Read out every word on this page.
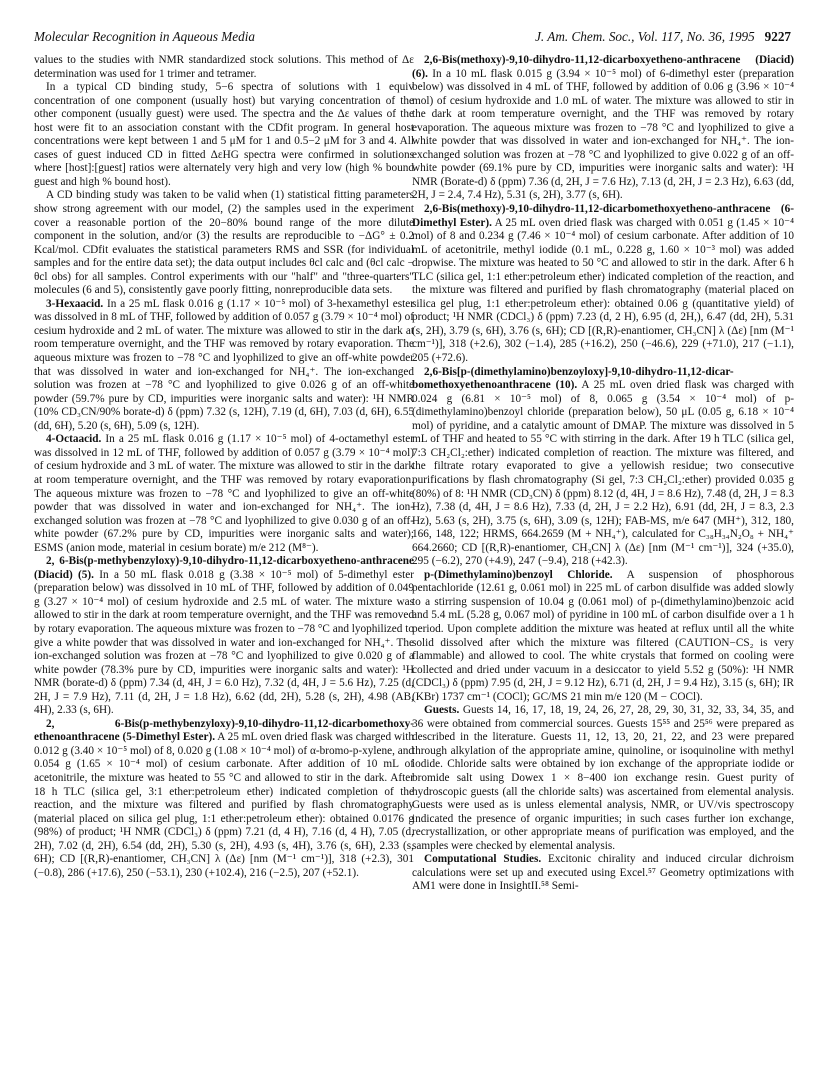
Molecular Recognition in Aqueous Media	J. Am. Chem. Soc., Vol. 117, No. 36, 1995 9227

values to the studies with NMR standardized stock solutions. This method of Δε determination was used for 1 trimer and tetramer.

In a typical CD binding study, 5−6 spectra of solutions with 1 equiv concentration of one component (usually host) but varying concentration of the other component (usually guest) were used. The spectra and the Δε values of the host were fit to an association constant with the CDfit program. In general host concentrations were kept between 1 and 5 μM for 1 and 0.5−2 μM for 3 and 4. All cases of guest induced CD in fitted ΔεHG spectra were confirmed in solutions where [host]:[guest] ratios were alternately very high and very low (high % bound guest and high % bound host).

A CD binding study was taken to be valid when (1) statistical fitting parameters show strong agreement with our model, (2) the samples used in the experiment cover a reasonable portion of the 20−80% bound range of the more dilute component in the solution, and/or (3) the results are reproducible to −ΔG° ± 0.2 Kcal/mol. CDfit evaluates the statistical parameters RMS and SSR (for individual samples and for the entire data set); the data output includes θcl calc and (θcl calc − θcl obs) for all samples. Control experiments with our "half" and "three-quarters" molecules (6 and 5), consistently gave poorly fitting, nonreproducible data sets.

3-Hexaacid. In a 25 mL flask 0.016 g (1.17 × 10⁻⁵ mol) of 3-hexamethyl ester was dissolved in 8 mL of THF, followed by addition of 0.057 g (3.79 × 10⁻⁴ mol) of cesium hydroxide and 2 mL of water. The mixture was allowed to stir in the dark at room temperature overnight, and the THF was removed by rotary evaporation. The aqueous mixture was frozen to −78 °C and lyophilized to give an off-white powder that was dissolved in water and ion-exchanged for NH₄⁺. The ion-exchanged solution was frozen at −78 °C and lyophilized to give 0.026 g of an off-white powder (59.7% pure by CD, impurities were inorganic salts and water): ¹H NMR (10% CD₃CN/90% borate-d) δ (ppm) 7.32 (s, 12H), 7.19 (d, 6H), 7.03 (d, 6H), 6.55 (dd, 6H), 5.20 (s, 6H), 5.09 (s, 12H).

4-Octaacid. In a 25 mL flask 0.016 g (1.17 × 10⁻⁵ mol) of 4-octamethyl ester was dissolved in 12 mL of THF, followed by addition of 0.057 g (3.79 × 10⁻⁴ mol) of cesium hydroxide and 3 mL of water. The mixture was allowed to stir in the dark at room temperature overnight, and the THF was removed by rotary evaporation. The aqueous mixture was frozen to −78 °C and lyophilized to give an off-white powder that was dissolved in water and ion-exchanged for NH₄⁺. The ion-exchanged solution was frozen at −78 °C and lyophilized to give 0.030 g of an off-white powder (67.2% pure by CD, impurities were inorganic salts and water); ESMS (anion mode, material in cesium borate) m/e 212 (M⁸⁻).

2, 6-Bis(p-methybenzyloxy)-9,10-dihydro-11,12-dicarboxyetheno-anthracene (Diacid) (5). In a 50 mL flask 0.018 g (3.38 × 10⁻⁵ mol) of 5-dimethyl ester (preparation below) was dissolved in 10 mL of THF, followed by addition of 0.049 g (3.27 × 10⁻⁴ mol) of cesium hydroxide and 2.5 mL of water. The mixture was allowed to stir in the dark at room temperature overnight, and the THF was removed by rotary evaporation. The aqueous mixture was frozen to −78 °C and lyophilized to give a white powder that was dissolved in water and ion-exchanged for NH₄⁺. The ion-exchanged solution was frozen at −78 °C and lyophilized to give 0.020 g of a white powder (78.3% pure by CD, impurities were inorganic salts and water): ¹H NMR (borate-d) δ (ppm) 7.34 (d, 4H, J = 6.0 Hz), 7.32 (d, 4H, J = 5.6 Hz), 7.25 (d, 2H, J = 7.9 Hz), 7.11 (d, 2H, J = 1.8 Hz), 6.62 (dd, 2H), 5.28 (s, 2H), 4.98 (AB, 4H), 2.33 (s, 6H).

2, 6-Bis(p-methybenzyloxy)-9,10-dihydro-11,12-dicarbomethoxy-ethenoanthracene (5-Dimethyl Ester). A 25 mL oven dried flask was charged with 0.012 g (3.40 × 10⁻⁵ mol) of 8, 0.020 g (1.08 × 10⁻⁴ mol) of α-bromo-p-xylene, and 0.054 g (1.65 × 10⁻⁴ mol) of cesium carbonate. After addition of 10 mL of acetonitrile, the mixture was heated to 55 °C and allowed to stir in the dark. After 18 h TLC (silica gel, 3:1 ether:petroleum ether) indicated completion of the reaction, and the mixture was filtered and purified by flash chromatography (material placed on silica gel plug, 1:1 ether:petroleum ether): obtained 0.0176 g (98%) of product; ¹H NMR (CDCl₃) δ (ppm) 7.21 (d, 4 H), 7.16 (d, 4 H), 7.05 (d, 2H), 7.02 (d, 2H), 6.54 (dd, 2H), 5.30 (s, 2H), 4.93 (s, 4H), 3.76 (s, 6H), 2.33 (s, 6H); CD [(R,R)-enantiomer, CH₃CN] λ (Δε) [nm (M⁻¹ cm⁻¹)], 318 (+2.3), 301 (−0.8), 286 (+17.6), 250 (−53.1), 230 (+102.4), 216 (−2.5), 207 (+52.1).

2,6-Bis(methoxy)-9,10-dihydro-11,12-dicarboxyetheno-anthracene (Diacid) (6). In a 10 mL flask 0.015 g (3.94 × 10⁻⁵ mol) of 6-dimethyl ester (preparation below) was dissolved in 4 mL of THF, followed by addition of 0.06 g (3.96 × 10⁻⁴ mol) of cesium hydroxide and 1.0 mL of water. The mixture was allowed to stir in the dark at room temperature overnight, and the THF was removed by rotary evaporation. The aqueous mixture was frozen to −78 °C and lyophilized to give a white powder that was dissolved in water and ion-exchanged for NH₄⁺. The ion-exchanged solution was frozen at −78 °C and lyophilized to give 0.022 g of an off-white powder (69.1% pure by CD, impurities were inorganic salts and water): ¹H NMR (Borate-d) δ (ppm) 7.36 (d, 2H, J = 7.6 Hz), 7.13 (d, 2H, J = 2.3 Hz), 6.63 (dd, 2H, J = 2.4, 7.4 Hz), 5.31 (s, 2H), 3.77 (s, 6H).

2,6-Bis(methoxy)-9,10-dihydro-11,12-dicarbomethoxyetheno-anthracene (6-Dimethyl Ester). A 25 mL oven dried flask was charged with 0.051 g (1.45 × 10⁻⁴ mol) of 8 and 0.234 g (7.46 × 10⁻⁴ mol) of cesium carbonate. After addition of 10 mL of acetonitrile, methyl iodide (0.1 mL, 0.228 g, 1.60 × 10⁻³ mol) was added dropwise. The mixture was heated to 50 °C and allowed to stir in the dark. After 6 h TLC (silica gel, 1:1 ether:petroleum ether) indicated completion of the reaction, and the mixture was filtered and purified by flash chromatography (material placed on silica gel plug, 1:1 ether:petroleum ether): obtained 0.06 g (quantitative yield) of product; ¹H NMR (CDCl₃) δ (ppm) 7.23 (d, 2 H), 6.95 (d, 2H,), 6.47 (dd, 2H), 5.31 (s, 2H), 3.79 (s, 6H), 3.76 (s, 6H); CD [(R,R)-enantiomer, CH₃CN] λ (Δε) [nm (M⁻¹ cm⁻¹)], 318 (+2.6), 302 (−1.4), 285 (+16.2), 250 (−46.6), 229 (+71.0), 217 (−1.1), 205 (+72.6).

2,6-Bis[p-(dimethylamino)benzoyloxy]-9,10-dihydro-11,12-dicar-bomethoxyethenoanthracene (10). A 25 mL oven dried flask was charged with 0.024 g (6.81 × 10⁻⁵ mol) of 8, 0.065 g (3.54 × 10⁻⁴ mol) of p-(dimethylamino)benzoyl chloride (preparation below), 50 μL (0.05 g, 6.18 × 10⁻⁴ mol) of pyridine, and a catalytic amount of DMAP. The mixture was dissolved in 5 mL of THF and heated to 55 °C with stirring in the dark. After 19 h TLC (silica gel, 7:3 CH₂Cl₂:ether) indicated completion of reaction. The mixture was filtered, and the filtrate rotary evaporated to give a yellowish residue; two consecutive purifications by flash chromatography (Si gel, 7:3 CH₂Cl₂:ether) provided 0.035 g (80%) of 8: ¹H NMR (CD₃CN) δ (ppm) 8.12 (d, 4H, J = 8.6 Hz), 7.48 (d, 2H, J = 8.3 Hz), 7.38 (d, 4H, J = 8.6 Hz), 7.33 (d, 2H, J = 2.2 Hz), 6.91 (dd, 2H, J = 8.3, 2.3 Hz), 5.63 (s, 2H), 3.75 (s, 6H), 3.09 (s, 12H); FAB-MS, m/e 647 (MH⁺), 312, 180, 166, 148, 122; HRMS, 664.2659 (M + NH₄⁺), calculated for C₃₈H₃₄N₂O₈ + NH₄⁺ 664.2660; CD [(R,R)-enantiomer, CH₃CN] λ (Δε) [nm (M⁻¹ cm⁻¹)], 324 (+35.0), 295 (−6.2), 270 (+4.9), 247 (−9.4), 218 (+42.3).

p-(Dimethylamino)benzoyl Chloride. A suspension of phosphorous pentachloride (12.61 g, 0.061 mol) in 225 mL of carbon disulfide was added slowly to a stirring suspension of 10.04 g (0.061 mol) of p-(dimethylamino)benzoic acid and 5.4 mL (5.28 g, 0.067 mol) of pyridine in 100 mL of carbon disulfide over a 1 h period. Upon complete addition the mixture was heated at reflux until all the white solid dissolved after which the mixture was filtered (CAUTION−CS₂ is very flammable) and allowed to cool. The white crystals that formed on cooling were collected and dried under vacuum in a desiccator to yield 5.52 g (50%): ¹H NMR (CDCl₃) δ (ppm) 7.95 (d, 2H, J = 9.12 Hz), 6.71 (d, 2H, J = 9.4 Hz), 3.15 (s, 6H); IR (KBr) 1737 cm⁻¹ (COCl); GC/MS 21 min m/e 120 (M − COCl).

Guests. Guests 14, 16, 17, 18, 19, 24, 26, 27, 28, 29, 30, 31, 32, 33, 34, 35, and 36 were obtained from commercial sources. Guests 15⁵⁵ and 25⁵⁶ were prepared as described in the literature. Guests 11, 12, 13, 20, 21, 22, and 23 were prepared through alkylation of the appropriate amine, quinoline, or isoquinoline with methyl iodide. Chloride salts were obtained by ion exchange of the appropriate iodide or bromide salt using Dowex 1 × 8−400 ion exchange resin. Guest purity of hydroscopic guests (all the chloride salts) was ascertained from elemental analysis. Guests were used as is unless elemental analysis, NMR, or UV/vis spectroscopy indicated the presence of organic impurities; in such cases further ion exchange, recrystallization, or other appropriate means of purification was employed, and the samples were checked by elemental analysis.

Computational Studies. Excitonic chirality and induced circular dichroism calculations were set up and executed using Excel.⁵⁷ Geometry optimizations with AM1 were done in InsightII.⁵⁸ Semi-
